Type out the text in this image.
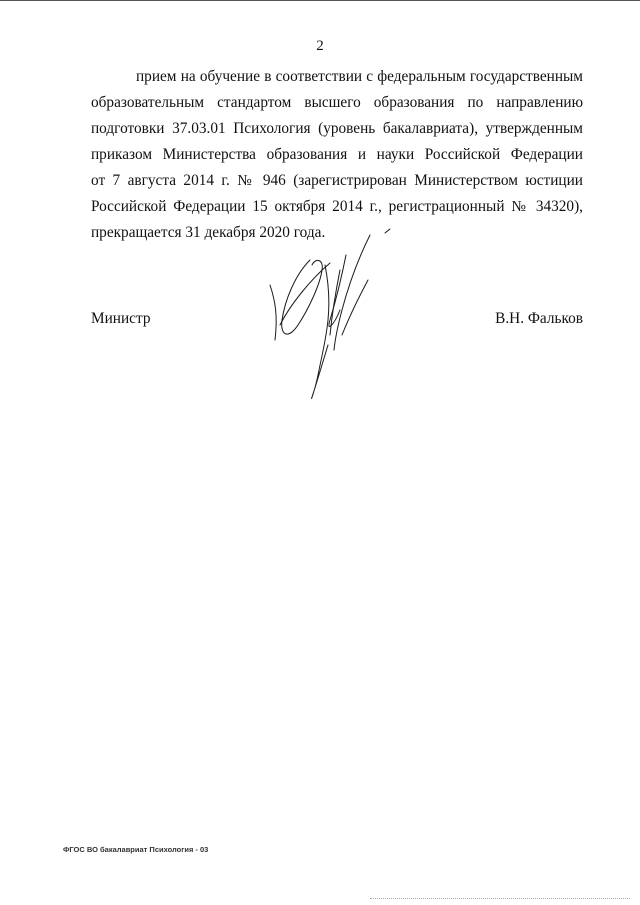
2
прием на обучение в соответствии с федеральным государственным
образовательным стандартом высшего образования по направлению
подготовки 37.03.01 Психология (уровень бакалавриата), утвержденным
приказом Министерства образования и науки Российской Федерации
от 7 августа 2014 г. № 946 (зарегистрирован Министерством юстиции
Российской Федерации 15 октября 2014 г., регистрационный № 34320),
прекращается 31 декабря 2020 года.
Министр	В.Н. Фальков
ФГОС ВО бакалавриат Психология - 03
